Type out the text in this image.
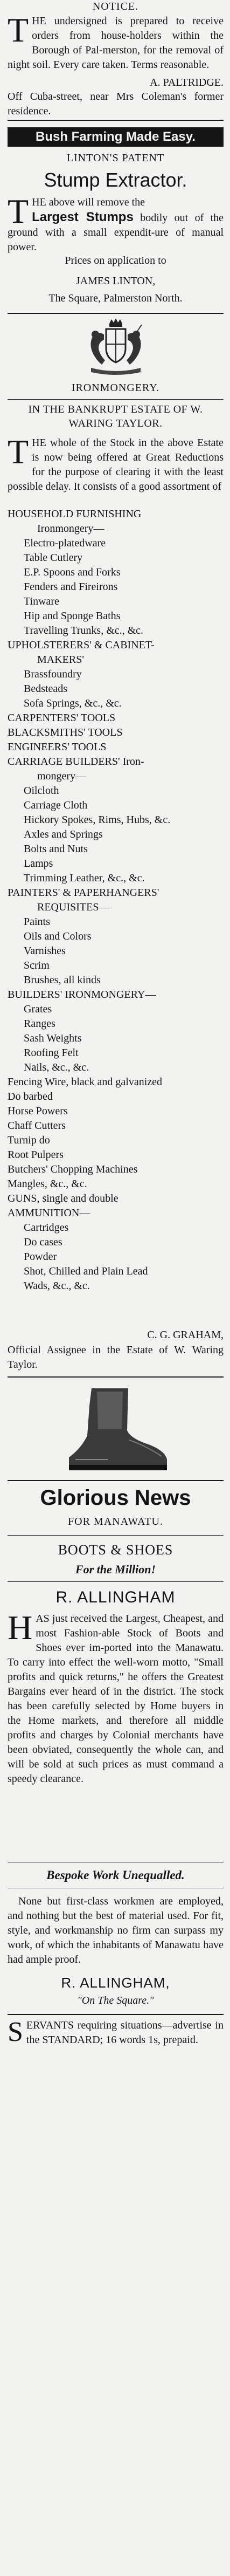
NOTICE.

THE undersigned is prepared to receive orders from house-holders within the Borough of Pal-merston, for the removal of night soil. Every care taken. Terms reasonable.

A. PALTRIDGE.

Off Cuba-street, near Mrs Coleman's former residence.

Bush Farming Made Easy.
LINTON'S PATENT
Stump Extractor.

THE above will remove the
Largest Stumps bodily out of the ground with a small expendit-ure of manual power.

Prices on application to
JAMES LINTON,
The Square, Palmerston North.
IRONMONGERY.
IN THE BANKRUPT ESTATE OF W. WARING TAYLOR.

THE whole of the Stock in the above Estate is now being offered at Great Reductions for the purpose of clearing it with the least possible delay. It consists of a good assortment of

HOUSEHOLD FURNISHING
Ironmongery—
Electro-platedware
Table Cutlery
E.P. Spoons and Forks
Fenders and Fireirons
Tinware
Hip and Sponge Baths
Travelling Trunks, &c., &c.
UPHOLSTERERS' & CABINET-
MAKERS'
Brassfoundry
Bedsteads
Sofa Springs, &c., &c.
CARPENTERS' TOOLS
BLACKSMITHS' TOOLS
ENGINEERS' TOOLS
CARRIAGE BUILDERS' Iron-
mongery—
Oilcloth
Carriage Cloth
Hickory Spokes, Rims, Hubs, &c.
Axles and Springs
Bolts and Nuts
Lamps
Trimming Leather, &c., &c.
PAINTERS' & PAPERHANGERS'
REQUISITES—
Paints
Oils and Colors
Varnishes
Scrim
Brushes, all kinds
BUILDERS' IRONMONGERY—
Grates
Ranges
Sash Weights
Roofing Felt
Nails, &c., &c.
Fencing Wire, black and galvanized
Do barbed
Horse Powers
Chaff Cutters
Turnip do
Root Pulpers
Butchers' Chopping Machines
Mangles, &c., &c.
GUNS, single and double
AMMUNITION—
Cartridges
Do cases
Powder
Shot, Chilled and Plain Lead
Wads, &c., &c.
C. G. GRAHAM,

Official Assignee in the Estate of W. Waring Taylor.

Glorious News
FOR MANAWATU.
BOOTS & SHOES
For the Million!
R. ALLINGHAM

HAS just received the Largest, Cheapest, and most Fashion-able Stock of Boots and Shoes ever im-ported into the Manawatu. To carry into effect the well-worn motto, "Small profits and quick returns," he offers the Greatest Bargains ever heard of in the district. The stock has been carefully selected by Home buyers in the Home markets, and therefore all middle profits and charges by Colonial merchants have been obviated, consequently the whole can, and will be sold at such prices as must command a speedy clearance.

Bespoke Work Unequalled.

None but first-class workmen are employed, and nothing but the best of material used. For fit, style, and workmanship no firm can surpass my work, of which the inhabitants of Manawatu have had ample proof.

R. ALLINGHAM,
"On The Square."

SERVANTS requiring situations—advertise in the STANDARD; 16 words 1s, prepaid.
